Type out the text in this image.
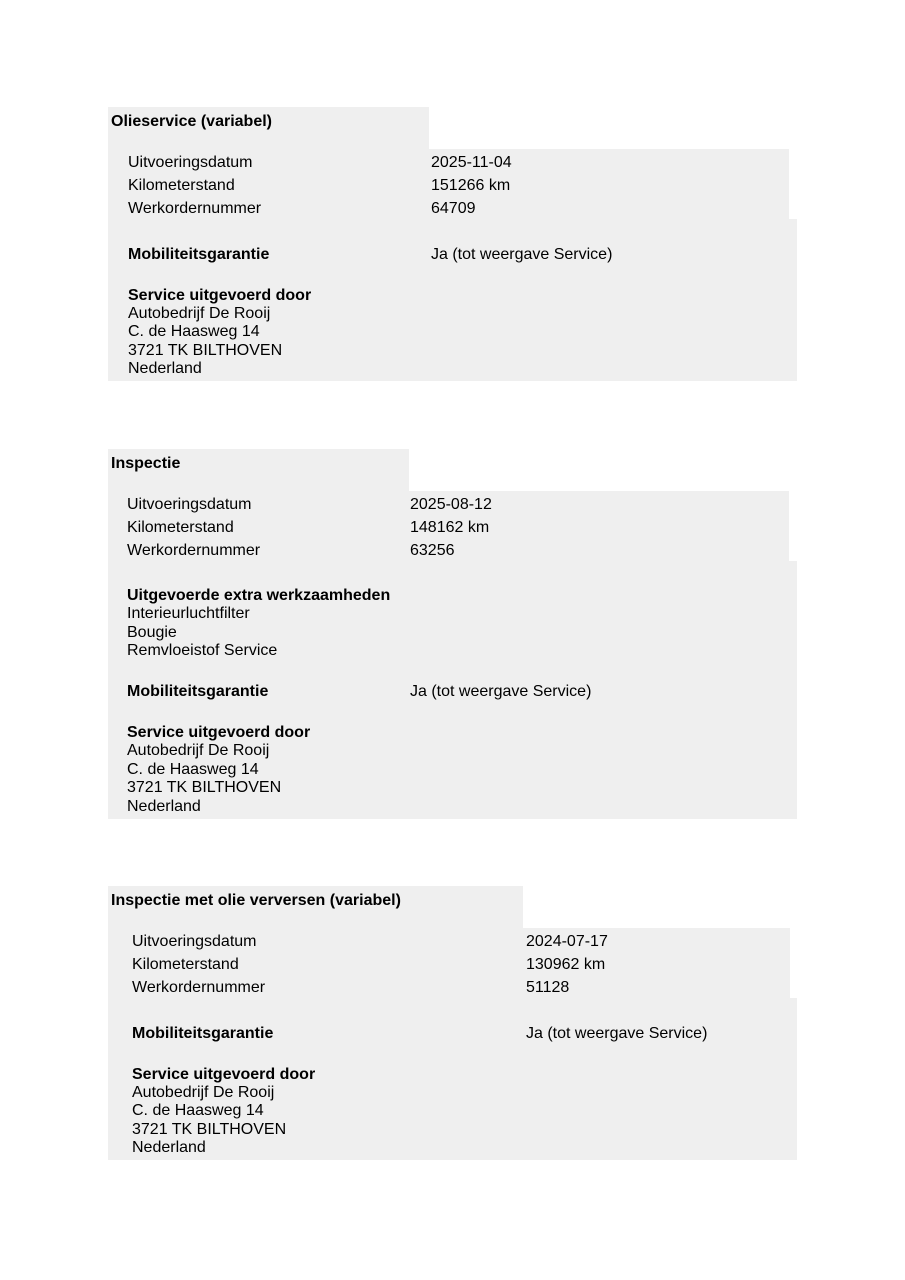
Olieservice (variabel)
Uitvoeringsdatum	2025-11-04
Kilometerstand	151266 km
Werkordernummer	64709
Mobiliteitsgarantie	Ja (tot weergave Service)
Service uitgevoerd door
Autobedrijf De Rooij
C. de Haasweg 14
3721 TK BILTHOVEN
Nederland
Inspectie
Uitvoeringsdatum	2025-08-12
Kilometerstand	148162 km
Werkordernummer	63256
Uitgevoerde extra werkzaamheden
Interieurluchtfilter
Bougie
Remvloeistof Service
Mobiliteitsgarantie	Ja (tot weergave Service)
Service uitgevoerd door
Autobedrijf De Rooij
C. de Haasweg 14
3721 TK BILTHOVEN
Nederland
Inspectie met olie verversen (variabel)
Uitvoeringsdatum	2024-07-17
Kilometerstand	130962 km
Werkordernummer	51128
Mobiliteitsgarantie	Ja (tot weergave Service)
Service uitgevoerd door
Autobedrijf De Rooij
C. de Haasweg 14
3721 TK BILTHOVEN
Nederland
